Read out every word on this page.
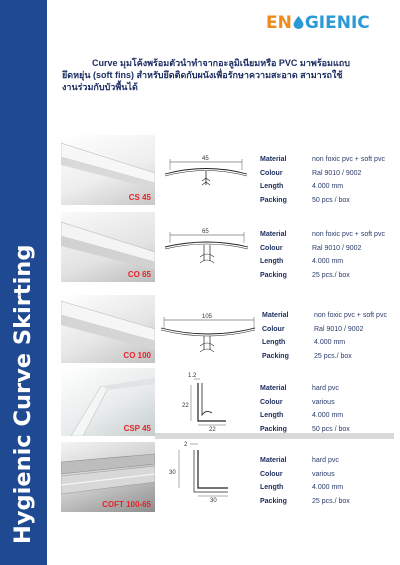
Hygienic Curve Skirting
EN GIENIC
Curve มุมโค้งพร้อมตัวนำทำจากอะลูมิเนียมหรือ PVC มาพร้อมแถบ
ยึดหยุ่น (soft fins) สำหรับยึดติดกับผนังเพื่อรักษาความสะอาด สามารถใช้
งานร่วมกับบัวพื้นได้
CS 45
45	Material	non foxic pvc + soft pvc
Colour	Ral 9010 / 9002
Length	4.000 mm
Packing	50 pcs / box
CO 65
65	Material	non foxic pvc + soft pvc
Colour	Ral 9010 / 9002
Length	4.000 mm
Packing	25 pcs./ box
CO 100
105	Material	non foxic pvc + soft pvc
Colour	Ral 9010 / 9002
Length	4.000 mm
Packing	25 pcs./ box
CSP 45
1.2
22
22
Material	hard pvc
Colour	various
Length	4.000 mm
Packing	50 pcs / box
COFT 100-65
2
30
30
Material	hard pvc
Colour	various
Length	4.000 mm
Packing	25 pcs./ box
